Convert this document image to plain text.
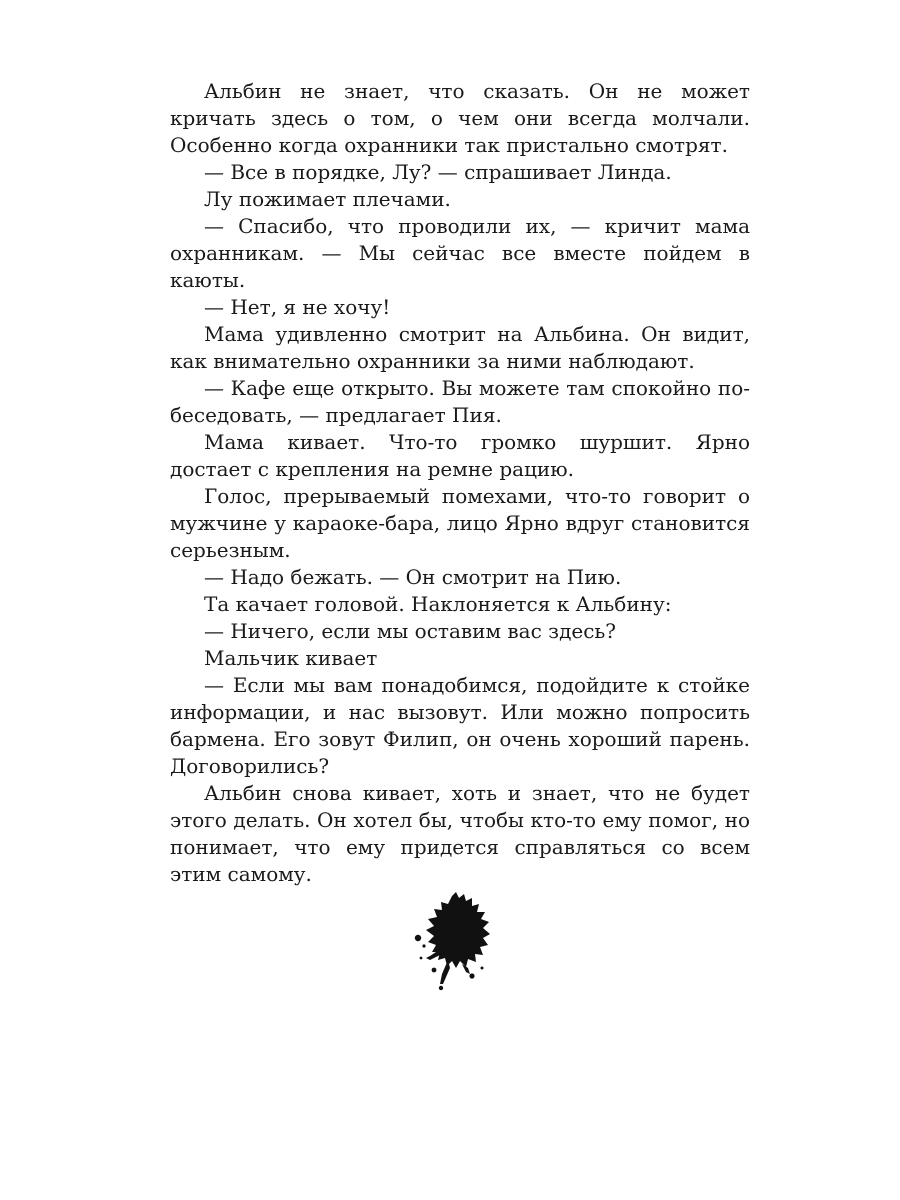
Альбин не знает, что сказать. Он не может кричать здесь о том, о чем они всегда молчали. Особенно когда охранники так пристально смотрят.

— Все в порядке, Лу? — спрашивает Линда.

Лу пожимает плечами.

— Спасибо, что проводили их, — кричит мама охранникам. — Мы сейчас все вместе пойдем в каюты.

— Нет, я не хочу!

Мама удивленно смотрит на Альбина. Он видит, как внимательно охранники за ними наблюдают.

— Кафе еще открыто. Вы можете там спокойно побеседовать, — предлагает Пия.

Мама кивает. Что-то громко шуршит. Ярно достает с крепления на ремне рацию.

Голос, прерываемый помехами, что-то говорит о мужчине у караоке-бара, лицо Ярно вдруг становится серьезным.

— Надо бежать. — Он смотрит на Пию.

Та качает головой. Наклоняется к Альбину:

— Ничего, если мы оставим вас здесь?

Мальчик кивает

— Если мы вам понадобимся, подойдите к стойке информации, и нас вызовут. Или можно попросить бармена. Его зовут Филип, он очень хороший парень. Договорились?

Альбин снова кивает, хоть и знает, что не будет этого делать. Он хотел бы, чтобы кто-то ему помог, но понимает, что ему придется справляться со всем этим самому.
